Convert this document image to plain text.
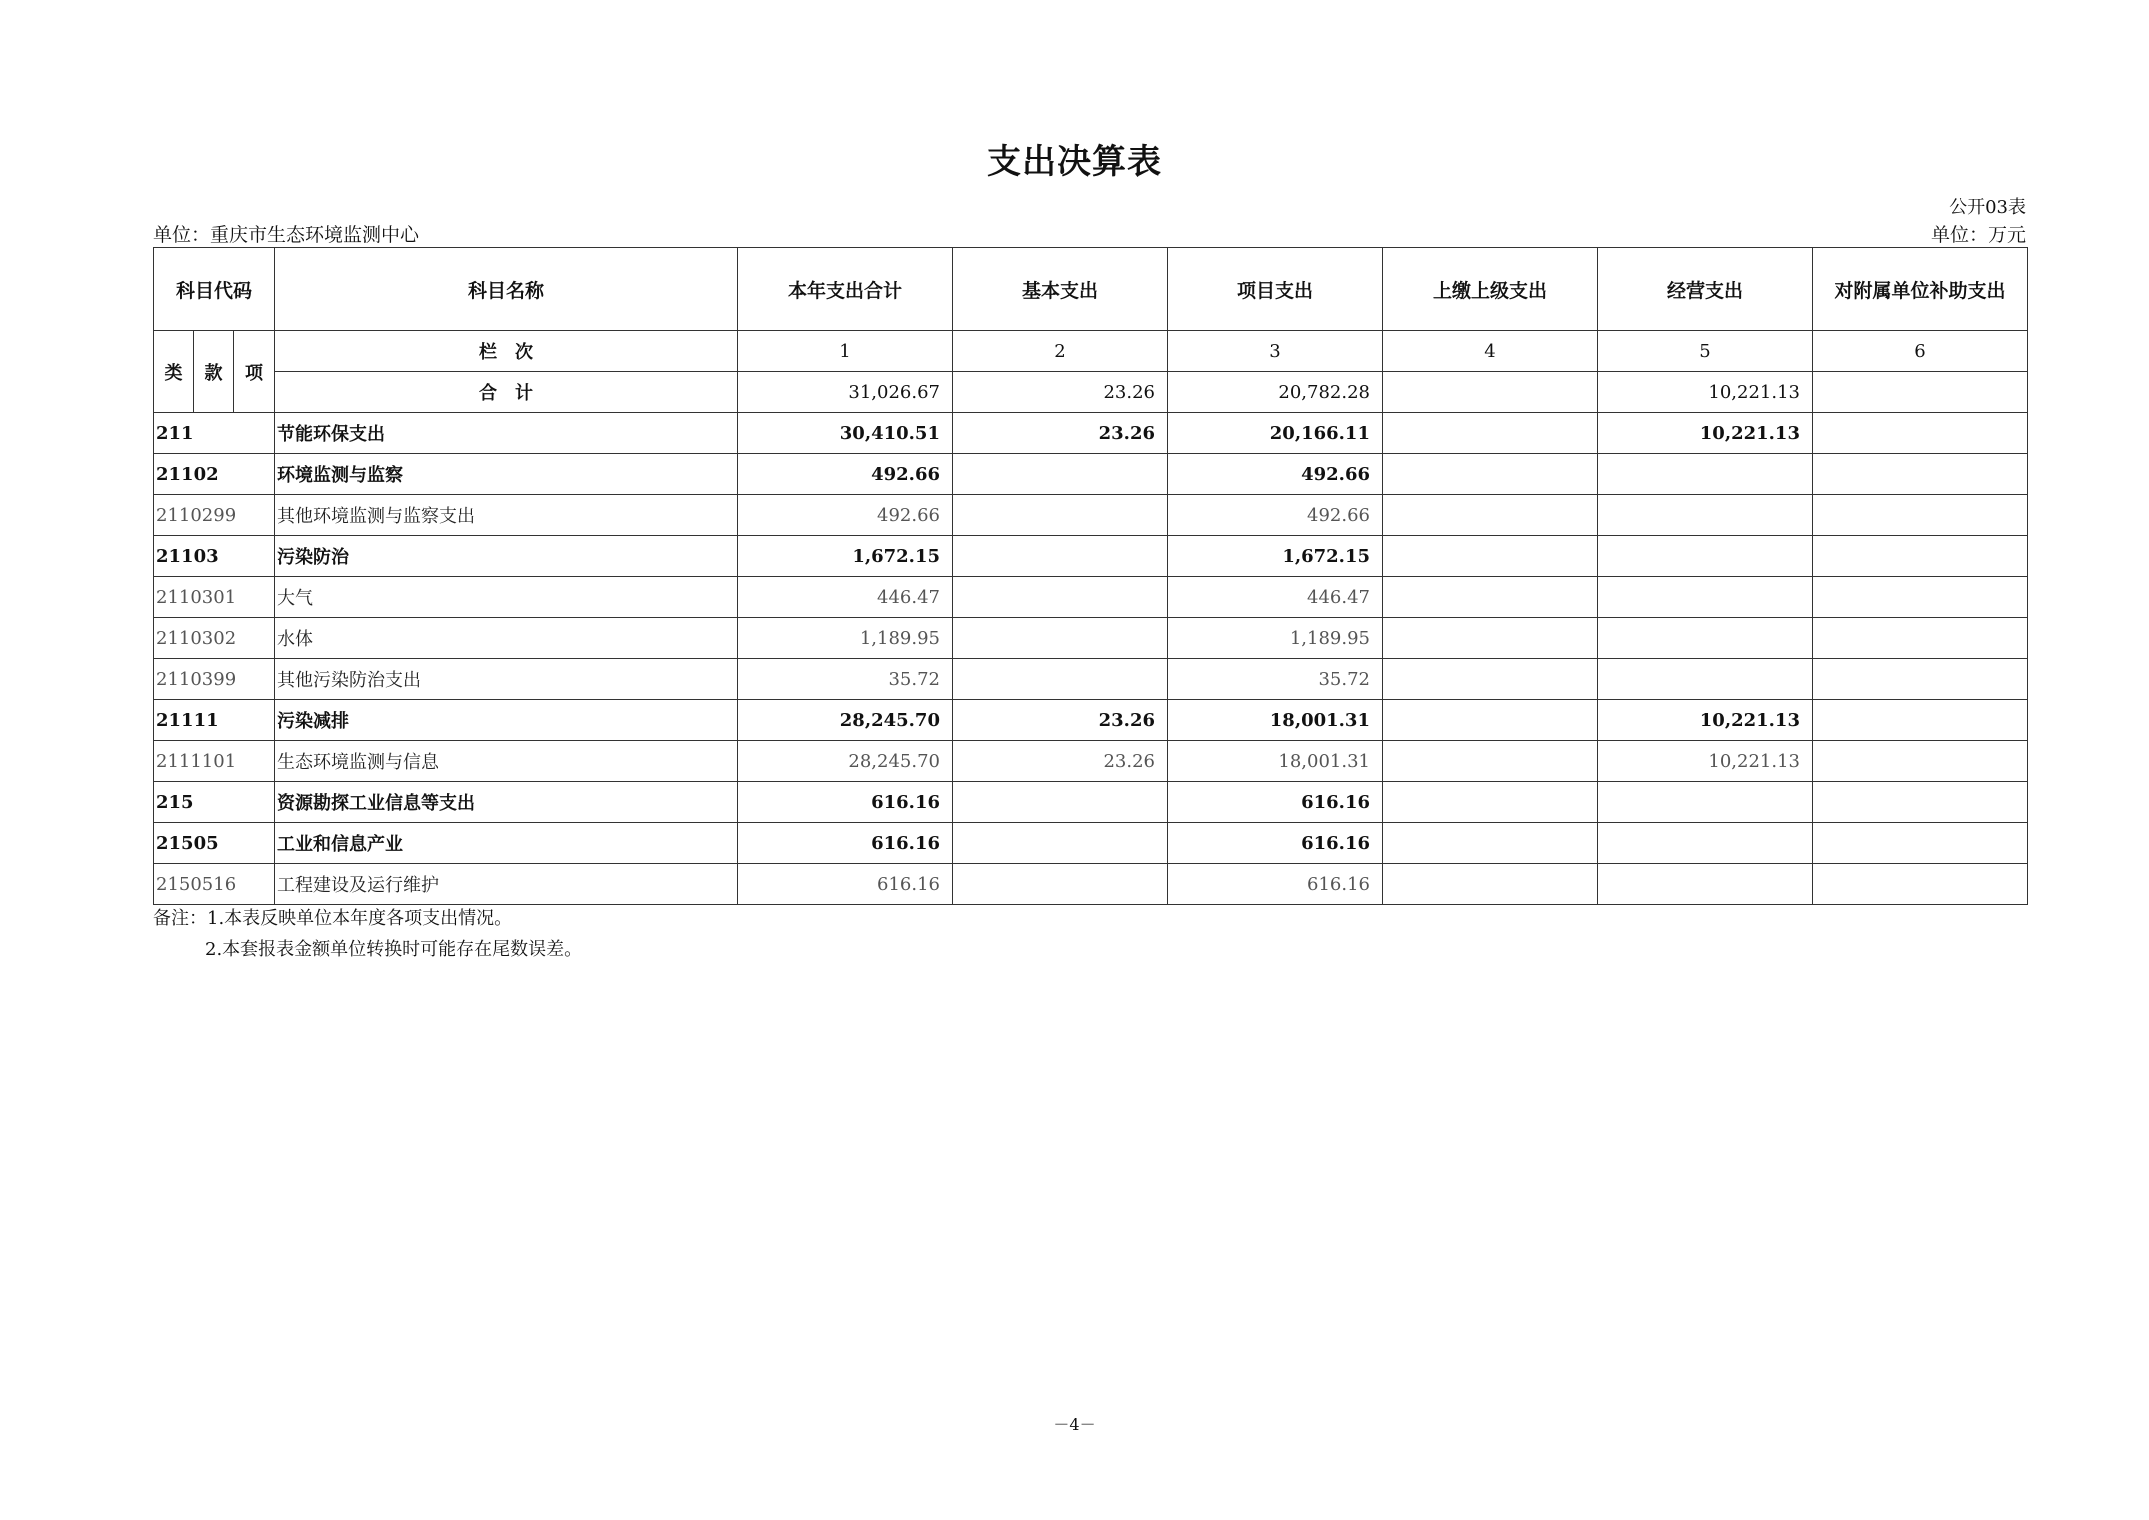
支出决算表
公开03表
单位：重庆市生态环境监测中心	单位：万元
科目代码			科目名称	本年支出合计	基本支出	项目支出	上缴上级支出	经营支出	对附属单位补助支出
类	款	项	栏　次	1	2	3	4	5	6
			合　计	31,026.67	23.26	20,782.28		10,221.13	
211			节能环保支出	30,410.51	23.26	20,166.11		10,221.13	
21102			环境监测与监察	492.66		492.66			
2110299			其他环境监测与监察支出	492.66		492.66			
21103			污染防治	1,672.15		1,672.15			
2110301			大气	446.47		446.47			
2110302			水体	1,189.95		1,189.95			
2110399			其他污染防治支出	35.72		35.72			
21111			污染减排	28,245.70	23.26	18,001.31		10,221.13	
2111101			生态环境监测与信息	28,245.70	23.26	18,001.31		10,221.13	
215			资源勘探工业信息等支出	616.16		616.16			
21505			工业和信息产业	616.16		616.16			
2150516			工程建设及运行维护	616.16		616.16			
备注：1.本表反映单位本年度各项支出情况。
2.本套报表金额单位转换时可能存在尾数误差。
－4－
